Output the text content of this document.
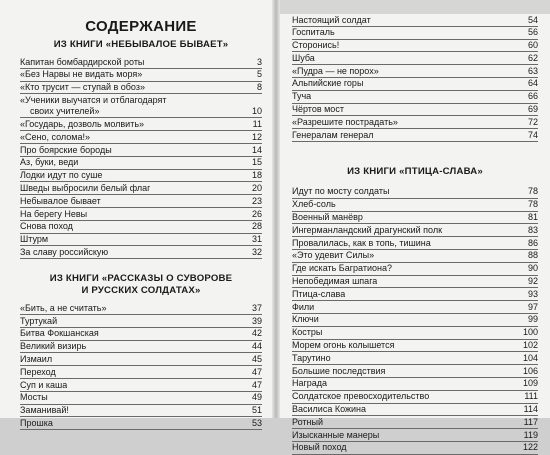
СОДЕРЖАНИЕ
ИЗ КНИГИ «НЕБЫВАЛОЕ БЫВАЕТ»
Капитан бомбардирской роты	3
«Без Нарвы не видать моря»	5
«Кто трусит — ступай в обоз»	8
«Ученики выучатся и отблагодарят
своих учителей»	10
«Государь, дозволь молвить»	11
«Сено, солома!»	12
Про боярские бороды	14
Аз, буки, веди	15
Лодки идут по суше	18
Шведы выбросили белый флаг	20
Небывалое бывает	23
На берегу Невы	26
Снова поход	28
Штурм	31
За славу российскую	32
ИЗ КНИГИ «РАССКАЗЫ О СУВОРОВЕ
И РУССКИХ СОЛДАТАХ»
«Бить, а не считать»	37
Туртукай	39
Битва Фокшанская	42
Великий визирь	44
Измаил	45
Переход	47
Суп и каша	47
Мосты	49
Заманивай!	51
Прошка	53
Настоящий солдат	54
Госпиталь	56
Сторонись!	60
Шуба	62
«Пудра — не порох»	63
Альпийские горы	64
Туча	66
Чёртов мост	69
«Разрешите пострадать»	72
Генералам генерал	74
ИЗ КНИГИ «ПТИЦА-СЛАВА»
Идут по мосту солдаты	78
Хлеб-соль	78
Военный манёвр	81
Ингерманландский драгунский полк	83
Провалилась, как в топь, тишина	86
«Это удевит Силы»	88
Где искать Багратиона?	90
Непобедимая шпага	92
Птица-слава	93
Фили	97
Ключи	99
Костры	100
Морем огонь колышется	102
Тарутино	104
Большие последствия	106
Награда	109
Солдатское превосходительство	111
Василиса Кожина	114
Ротный	117
Изысканные манеры	119
Новый поход	122
